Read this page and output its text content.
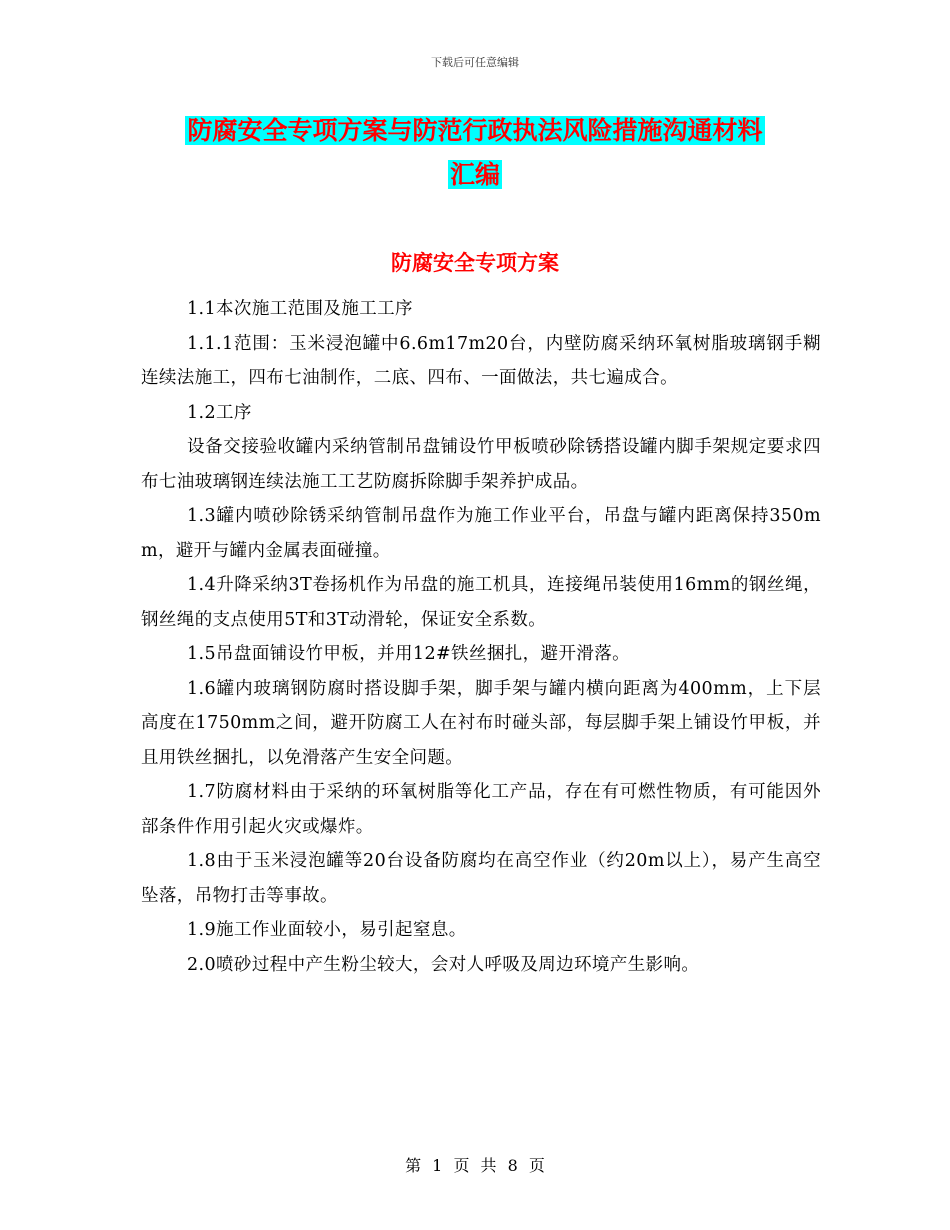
下载后可任意编辑
防腐安全专项方案与防范行政执法风险措施沟通材料
汇编
防腐安全专项方案

1.1本次施工范围及施工工序

1.1.1范围：玉米浸泡罐中6.6m17m20台，内壁防腐采纳环氧树脂玻璃钢手糊连续法施工，四布七油制作，二底、四布、一面做法，共七遍成合。

1.2工序

设备交接验收罐内采纳管制吊盘铺设竹甲板喷砂除锈搭设罐内脚手架规定要求四布七油玻璃钢连续法施工工艺防腐拆除脚手架养护成品。

1.3罐内喷砂除锈采纳管制吊盘作为施工作业平台，吊盘与罐内距离保持350mm，避开与罐内金属表面碰撞。

1.4升降采纳3T卷扬机作为吊盘的施工机具，连接绳吊装使用16mm的钢丝绳，钢丝绳的支点使用5T和3T动滑轮，保证安全系数。

1.5吊盘面铺设竹甲板，并用12#铁丝捆扎，避开滑落。

1.6罐内玻璃钢防腐时搭设脚手架，脚手架与罐内横向距离为400mm，上下层高度在1750mm之间，避开防腐工人在衬布时碰头部，每层脚手架上铺设竹甲板，并且用铁丝捆扎，以免滑落产生安全问题。

1.7防腐材料由于采纳的环氧树脂等化工产品，存在有可燃性物质，有可能因外部条件作用引起火灾或爆炸。

1.8由于玉米浸泡罐等20台设备防腐均在高空作业（约20m以上），易产生高空坠落，吊物打击等事故。

1.9施工作业面较小，易引起窒息。

2.0喷砂过程中产生粉尘较大，会对人呼吸及周边环境产生影响。

第 1 页 共 8 页
